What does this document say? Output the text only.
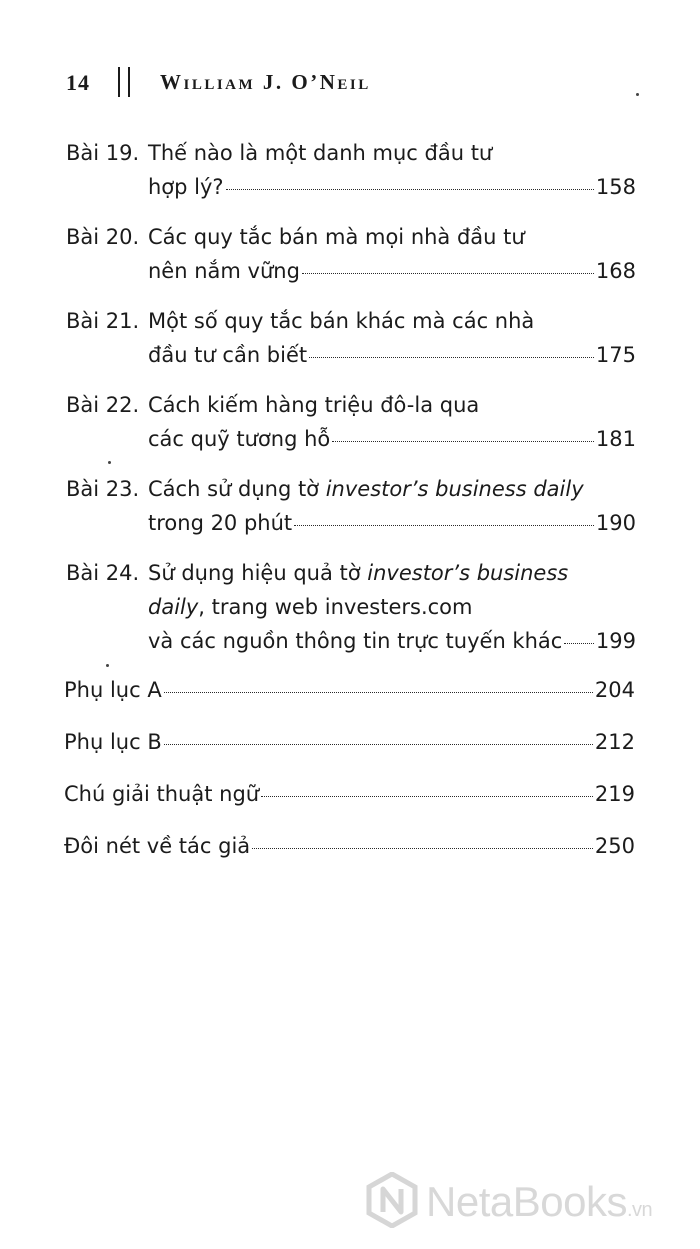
14	William J. O’Neil
Bài 19. Thế nào là một danh mục đầu tư
hợp lý?	158
Bài 20. Các quy tắc bán mà mọi nhà đầu tư
nên nắm vững	168
Bài 21. Một số quy tắc bán khác mà các nhà
đầu tư cần biết	175
Bài 22. Cách kiếm hàng triệu đô-la qua
các quỹ tương hỗ	181
Bài 23. Cách sử dụng tờ investor’s business daily
trong 20 phút	190
Bài 24. Sử dụng hiệu quả tờ investor’s business
daily, trang web investers.com
và các nguồn thông tin trực tuyến khác 199
Phụ lục A	204
Phụ lục B	212
Chú giải thuật ngữ	219
Đôi nét về tác giả	250
NetaBooks.vn
